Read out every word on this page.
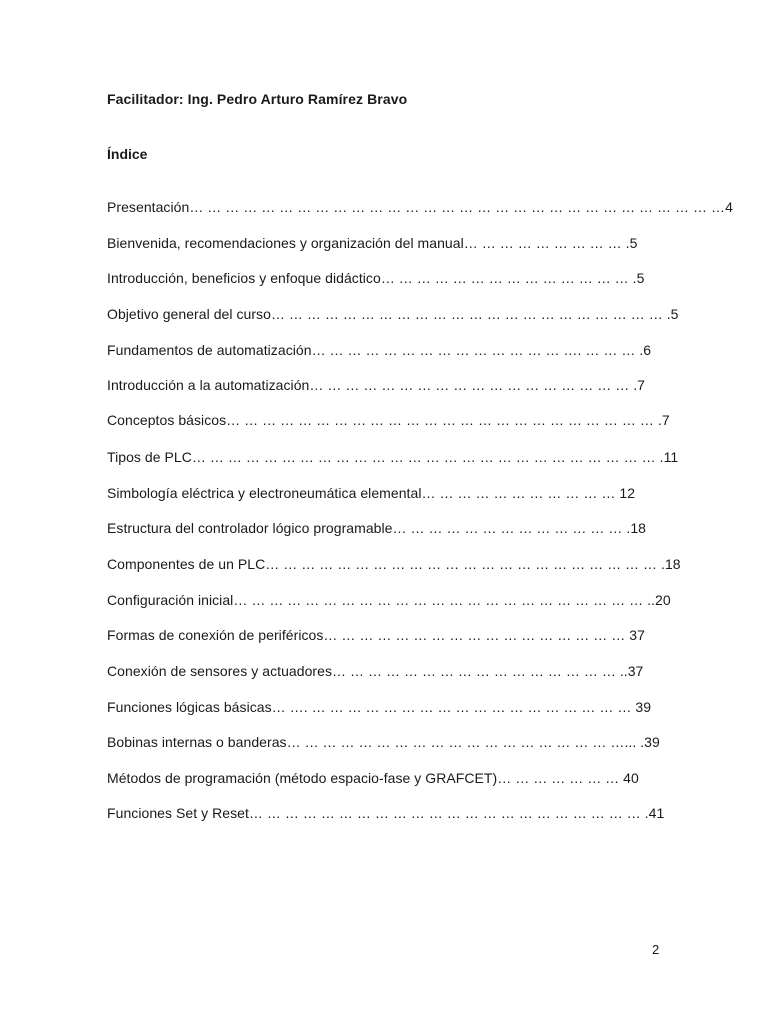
Facilitador: Ing. Pedro Arturo Ramírez Bravo
Índice
Presentación… … … … … … … … … … … … … … … … … … … … … … … … … … … … … …4
Bienvenida, recomendaciones y organización del manual… … … … … … … … … .5
Introducción, beneficios y enfoque didáctico… … … … … … … … … … … … … … .5
Objetivo general del curso… … … … … … … … … … … … … … … … … … … … … … .5
Fundamentos de automatización… … … … … … … … … … … … … … …. … … … .6
Introducción a la automatización… … … … … … … … … … … … … … … … … … .7
Conceptos básicos… … … … … … … … … … … … … … … … … … … … … … … … .7
Tipos de PLC… … … … … … … … … … … … … … … … … … … … … … … … … … .11
Simbología eléctrica y electroneumática elemental… … … … … … … … … … … 12
Estructura del controlador lógico programable… … … … … … … … … … … … … .18
Componentes de un PLC… … … … … … … … … … … … … … … … … … … … … … .18
Configuración inicial… … … … … … … … … … … … … … … … … … … … … … … ..20
Formas de conexión de periféricos… … … … … … … … … … … … … … … … … 37
Conexión de sensores y actuadores… … … … … … … … … … … … … … … … ..37
Funciones lógicas básicas… …. … … … … … … … … … … … … … … … … … … 39
Bobinas internas o banderas… … … … … … … … … … … … … … … … … … …... .39
Métodos de programación (método espacio-fase y GRAFCET)… … … … … … … 40
Funciones Set y Reset… … … … … … … … … … … … … … … … … … … … … … .41
2
